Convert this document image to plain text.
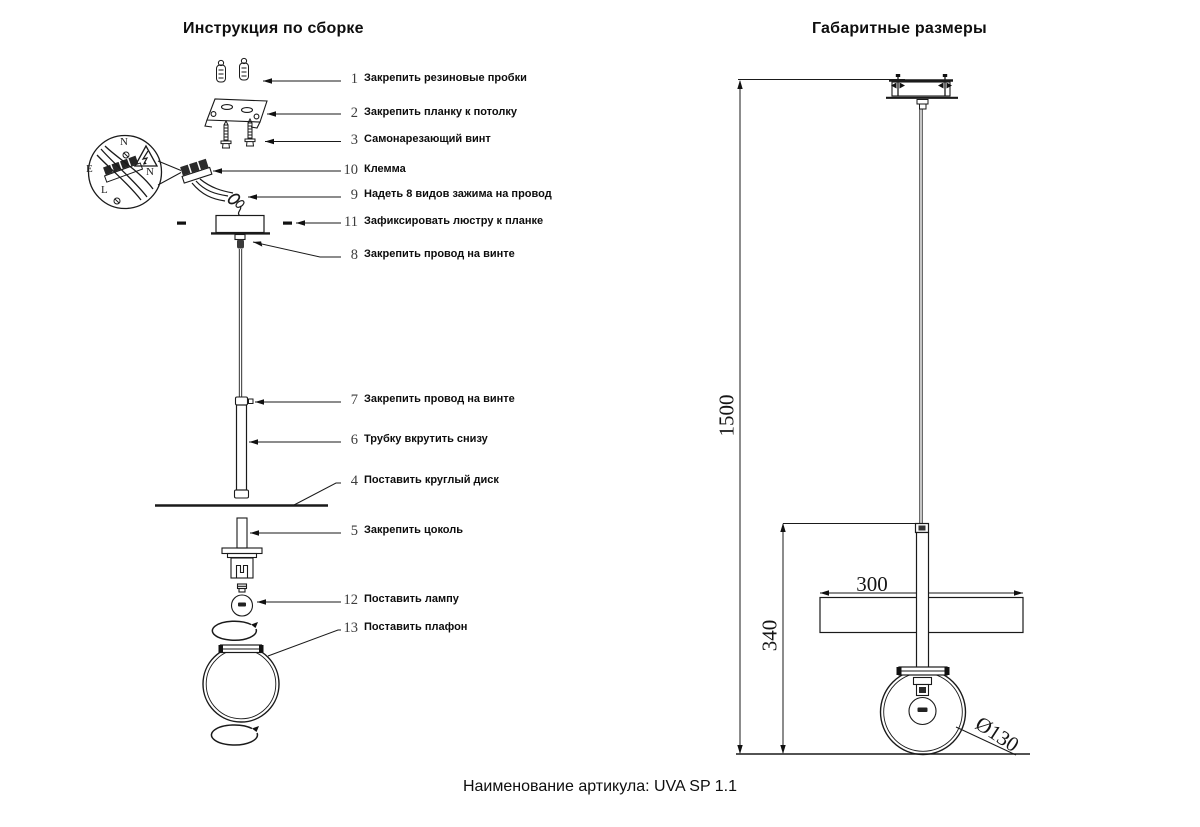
Инструкция по сборке	Габаритные размеры
1 Закрепить резиновые пробки
2 Закрепить планку к потолку
3 Самонарезающий винт
10 Клемма
9 Надеть 8 видов зажима на провод
11 Зафиксировать люстру к планке
8 Закрепить провод на винте
7 Закрепить провод на винте
6 Трубку вкрутить снизу
4 Поставить круглый диск
5 Закрепить цоколь
12 Поставить лампу
13 Поставить плафон
N
E	N
L
1500
340
300
Ø130
Наименование артикула: UVA SP 1.1
